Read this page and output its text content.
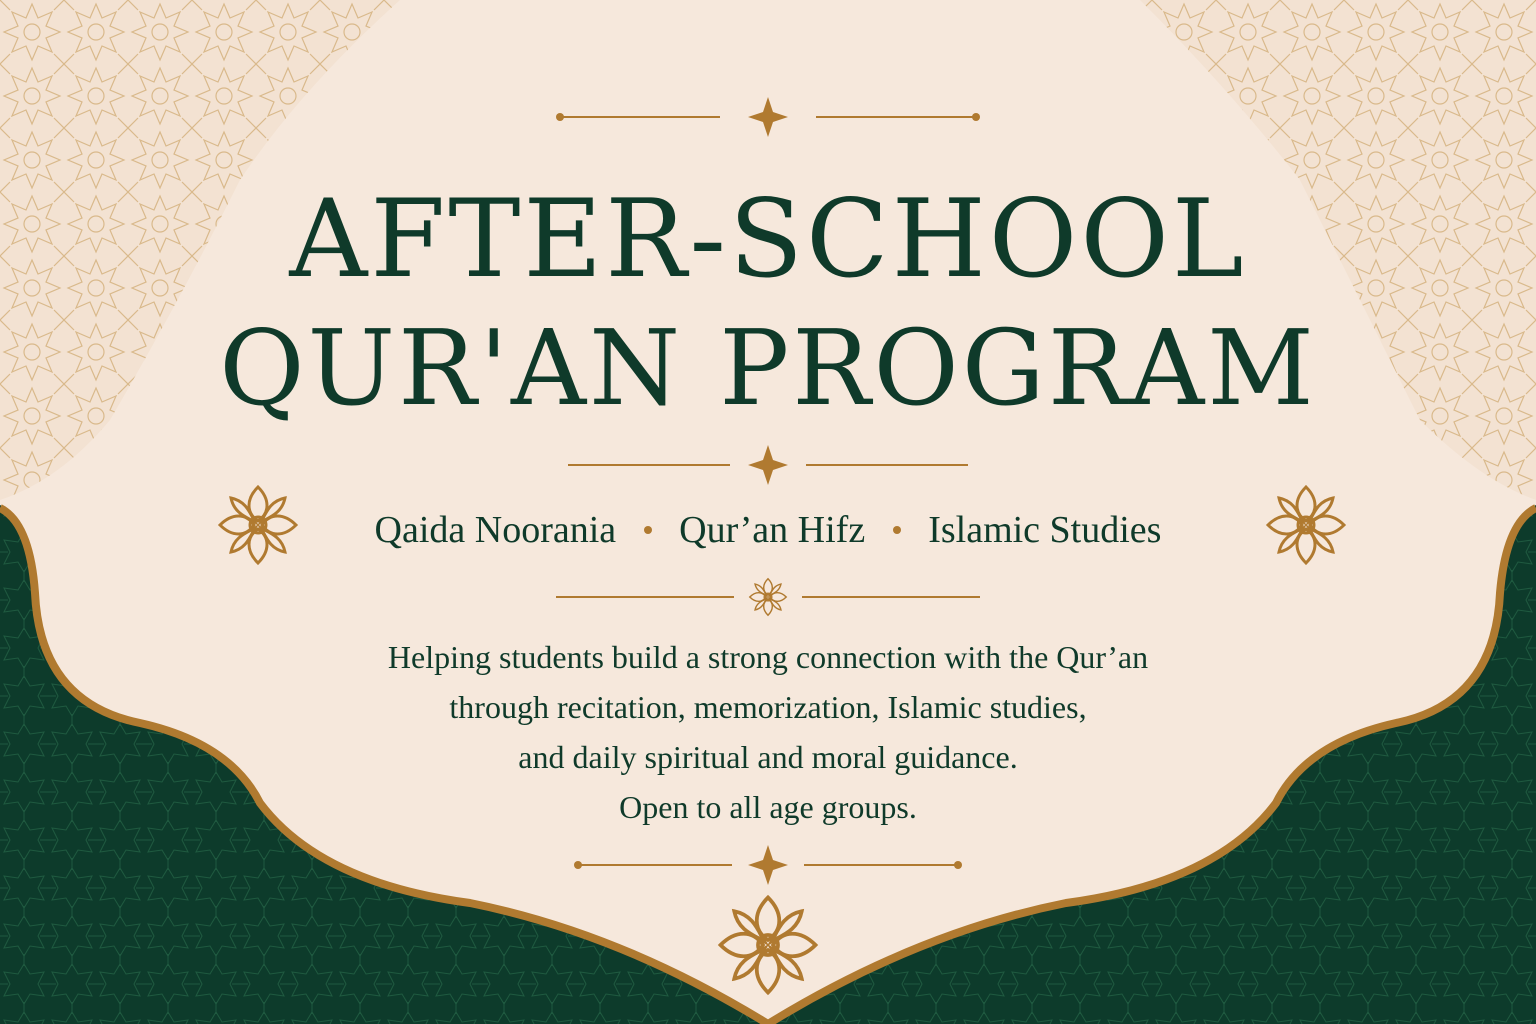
AFTER-SCHOOL
QUR'AN PROGRAM
Qaida Noorania Qur’an Hifz Islamic Studies
Helping students build a strong connection with the Qur’an
through recitation, memorization, Islamic studies,
and daily spiritual and moral guidance.
Open to all age groups.
